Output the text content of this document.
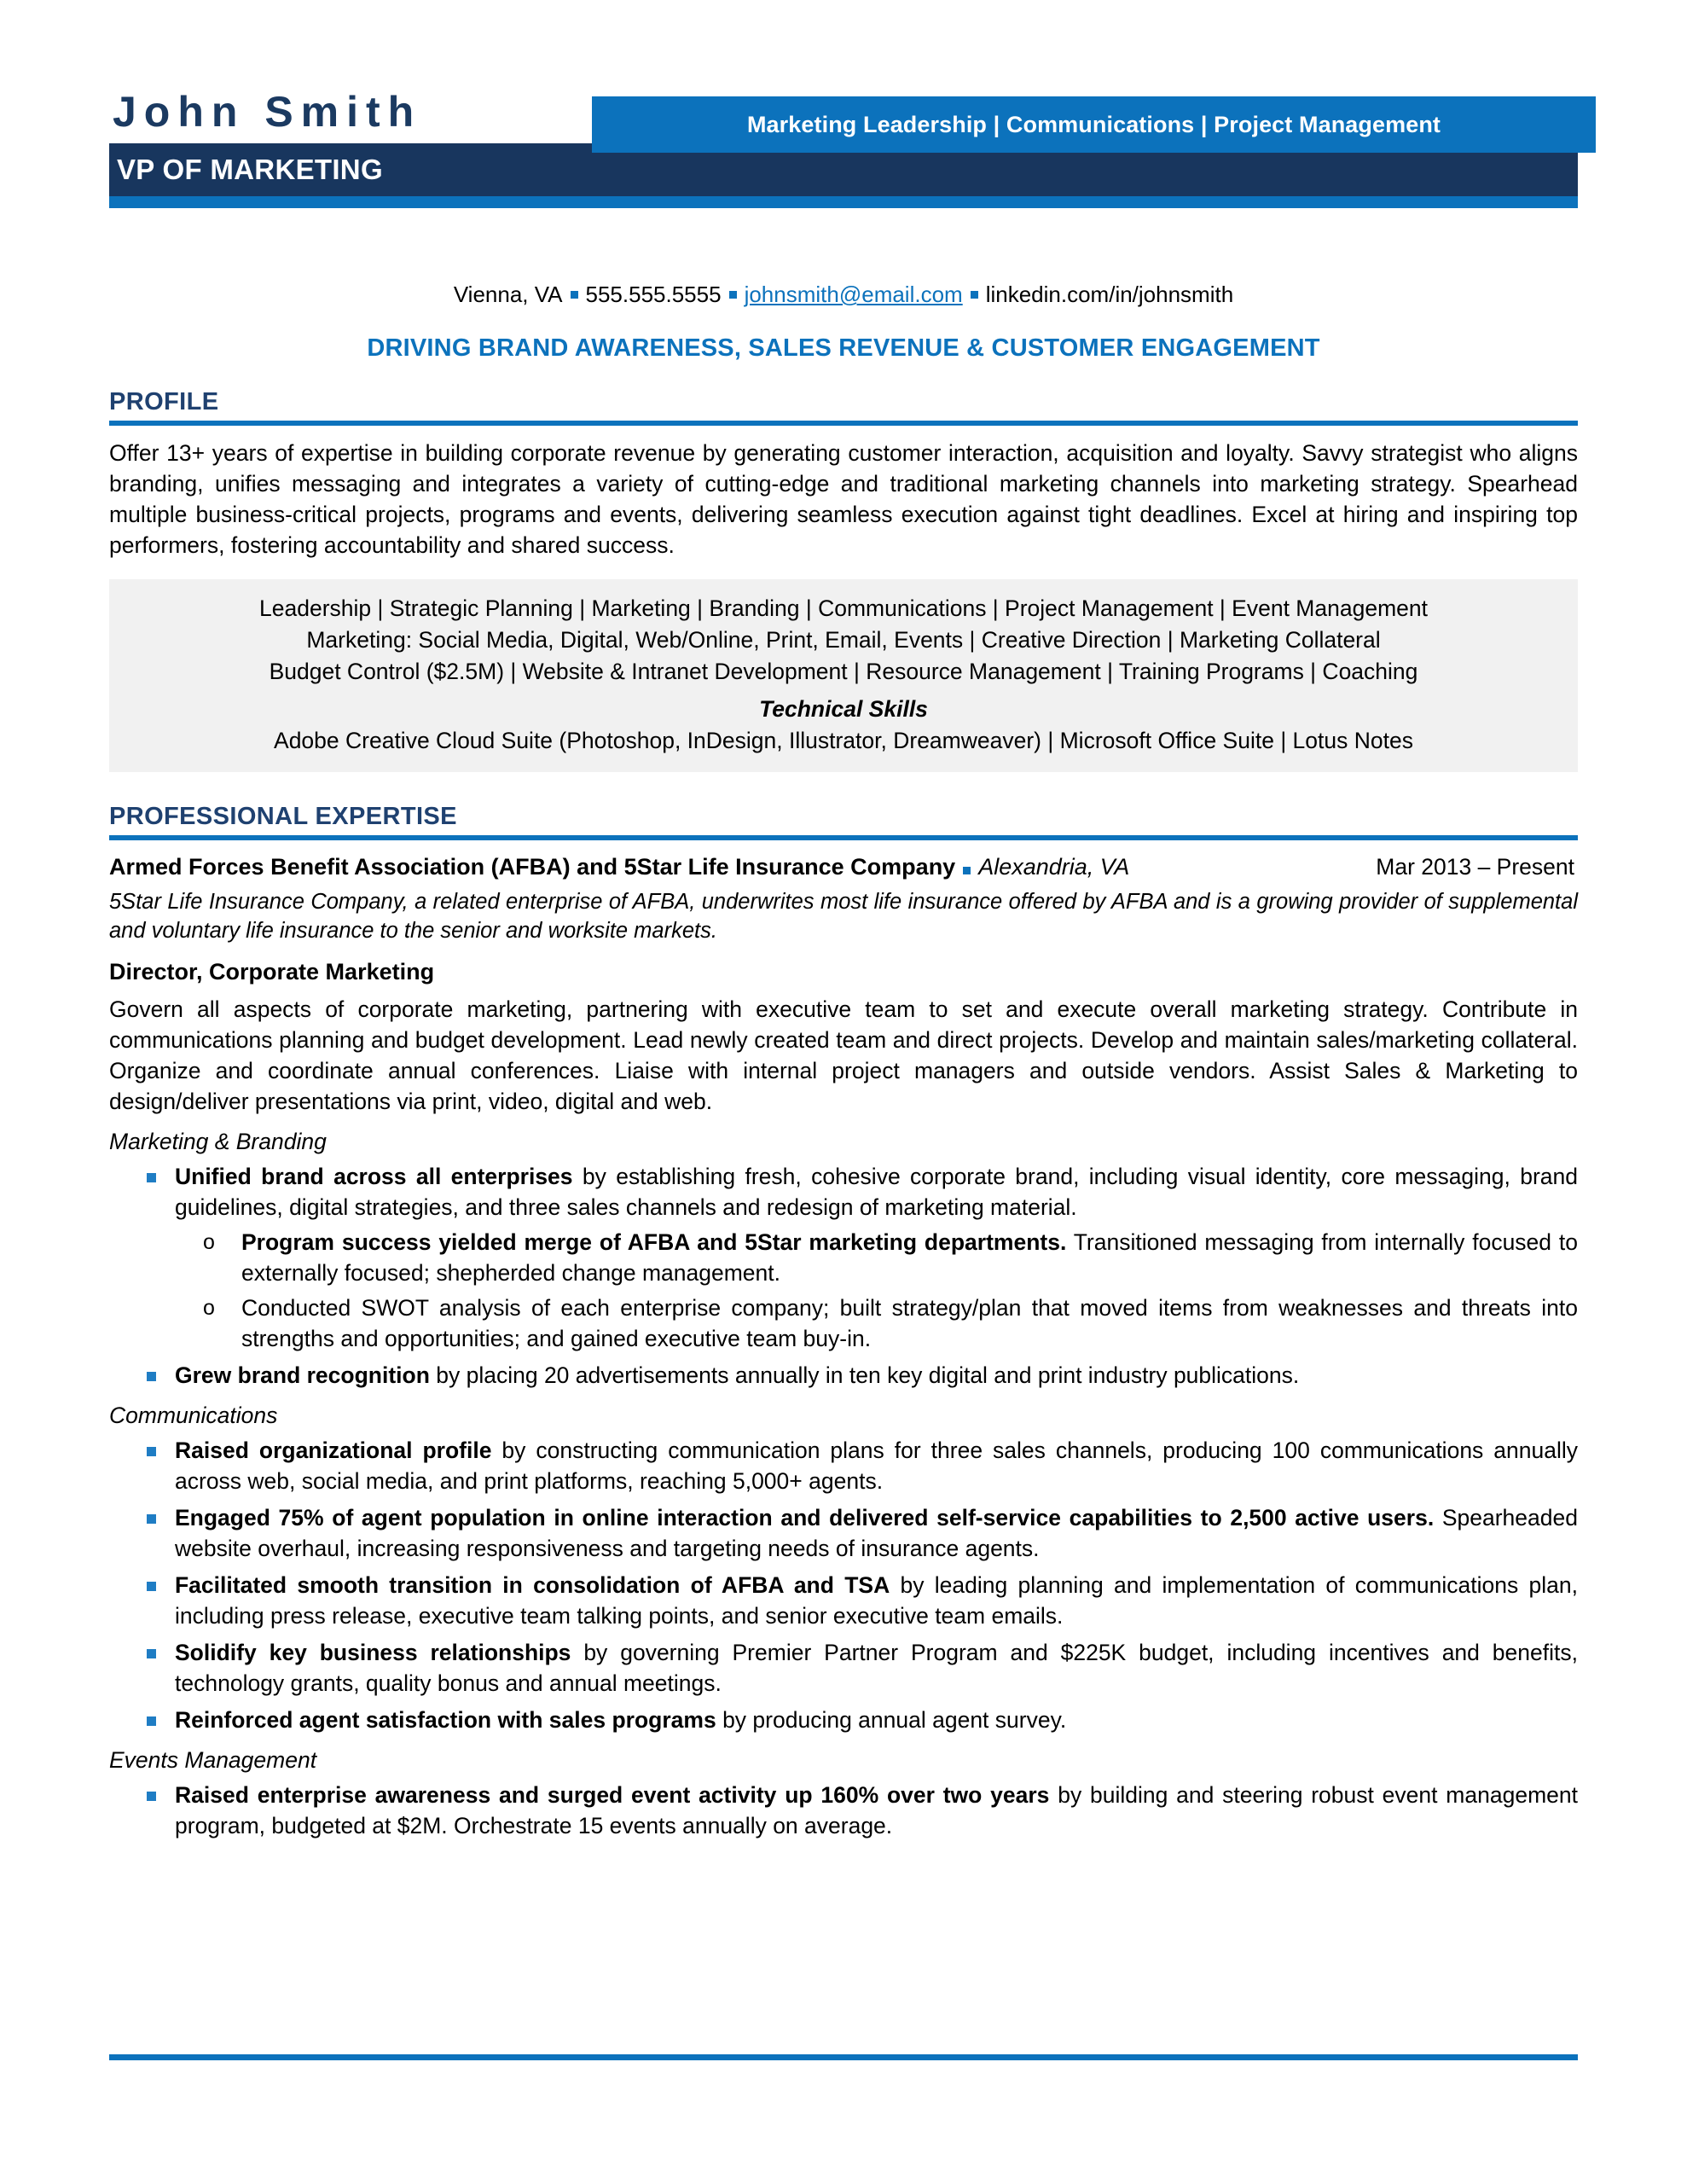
John Smith
VP OF MARKETING
Marketing Leadership | Communications | Project Management
Vienna, VA 555.555.5555 johnsmith@email.com linkedin.com/in/johnsmith
DRIVING BRAND AWARENESS, SALES REVENUE & CUSTOMER ENGAGEMENT
PROFILE
Offer 13+ years of expertise in building corporate revenue by generating customer interaction, acquisition and loyalty. Savvy strategist who aligns branding, unifies messaging and integrates a variety of cutting-edge and traditional marketing channels into marketing strategy. Spearhead multiple business-critical projects, programs and events, delivering seamless execution against tight deadlines. Excel at hiring and inspiring top performers, fostering accountability and shared success.
Leadership | Strategic Planning | Marketing | Branding | Communications | Project Management | Event Management
Marketing: Social Media, Digital, Web/Online, Print, Email, Events | Creative Direction | Marketing Collateral
Budget Control ($2.5M) | Website & Intranet Development | Resource Management | Training Programs | Coaching
Technical Skills
Adobe Creative Cloud Suite (Photoshop, InDesign, Illustrator, Dreamweaver) | Microsoft Office Suite | Lotus Notes
PROFESSIONAL EXPERTISE
Armed Forces Benefit Association (AFBA) and 5Star Life Insurance Company Alexandria, VA	Mar 2013 – Present
5Star Life Insurance Company, a related enterprise of AFBA, underwrites most life insurance offered by AFBA and is a growing provider of supplemental and voluntary life insurance to the senior and worksite markets.
Director, Corporate Marketing
Govern all aspects of corporate marketing, partnering with executive team to set and execute overall marketing strategy. Contribute in communications planning and budget development. Lead newly created team and direct projects. Develop and maintain sales/marketing collateral. Organize and coordinate annual conferences. Liaise with internal project managers and outside vendors. Assist Sales & Marketing to design/deliver presentations via print, video, digital and web.
Marketing & Branding
Unified brand across all enterprises by establishing fresh, cohesive corporate brand, including visual identity, core messaging, brand guidelines, digital strategies, and three sales channels and redesign of marketing material.
o Program success yielded merge of AFBA and 5Star marketing departments. Transitioned messaging from internally focused to externally focused; shepherded change management.
o Conducted SWOT analysis of each enterprise company; built strategy/plan that moved items from weaknesses and threats into strengths and opportunities; and gained executive team buy-in.
Grew brand recognition by placing 20 advertisements annually in ten key digital and print industry publications.
Communications
Raised organizational profile by constructing communication plans for three sales channels, producing 100 communications annually across web, social media, and print platforms, reaching 5,000+ agents.
Engaged 75% of agent population in online interaction and delivered self-service capabilities to 2,500 active users. Spearheaded website overhaul, increasing responsiveness and targeting needs of insurance agents.
Facilitated smooth transition in consolidation of AFBA and TSA by leading planning and implementation of communications plan, including press release, executive team talking points, and senior executive team emails.
Solidify key business relationships by governing Premier Partner Program and $225K budget, including incentives and benefits, technology grants, quality bonus and annual meetings.
Reinforced agent satisfaction with sales programs by producing annual agent survey.
Events Management
Raised enterprise awareness and surged event activity up 160% over two years by building and steering robust event management program, budgeted at $2M. Orchestrate 15 events annually on average.
